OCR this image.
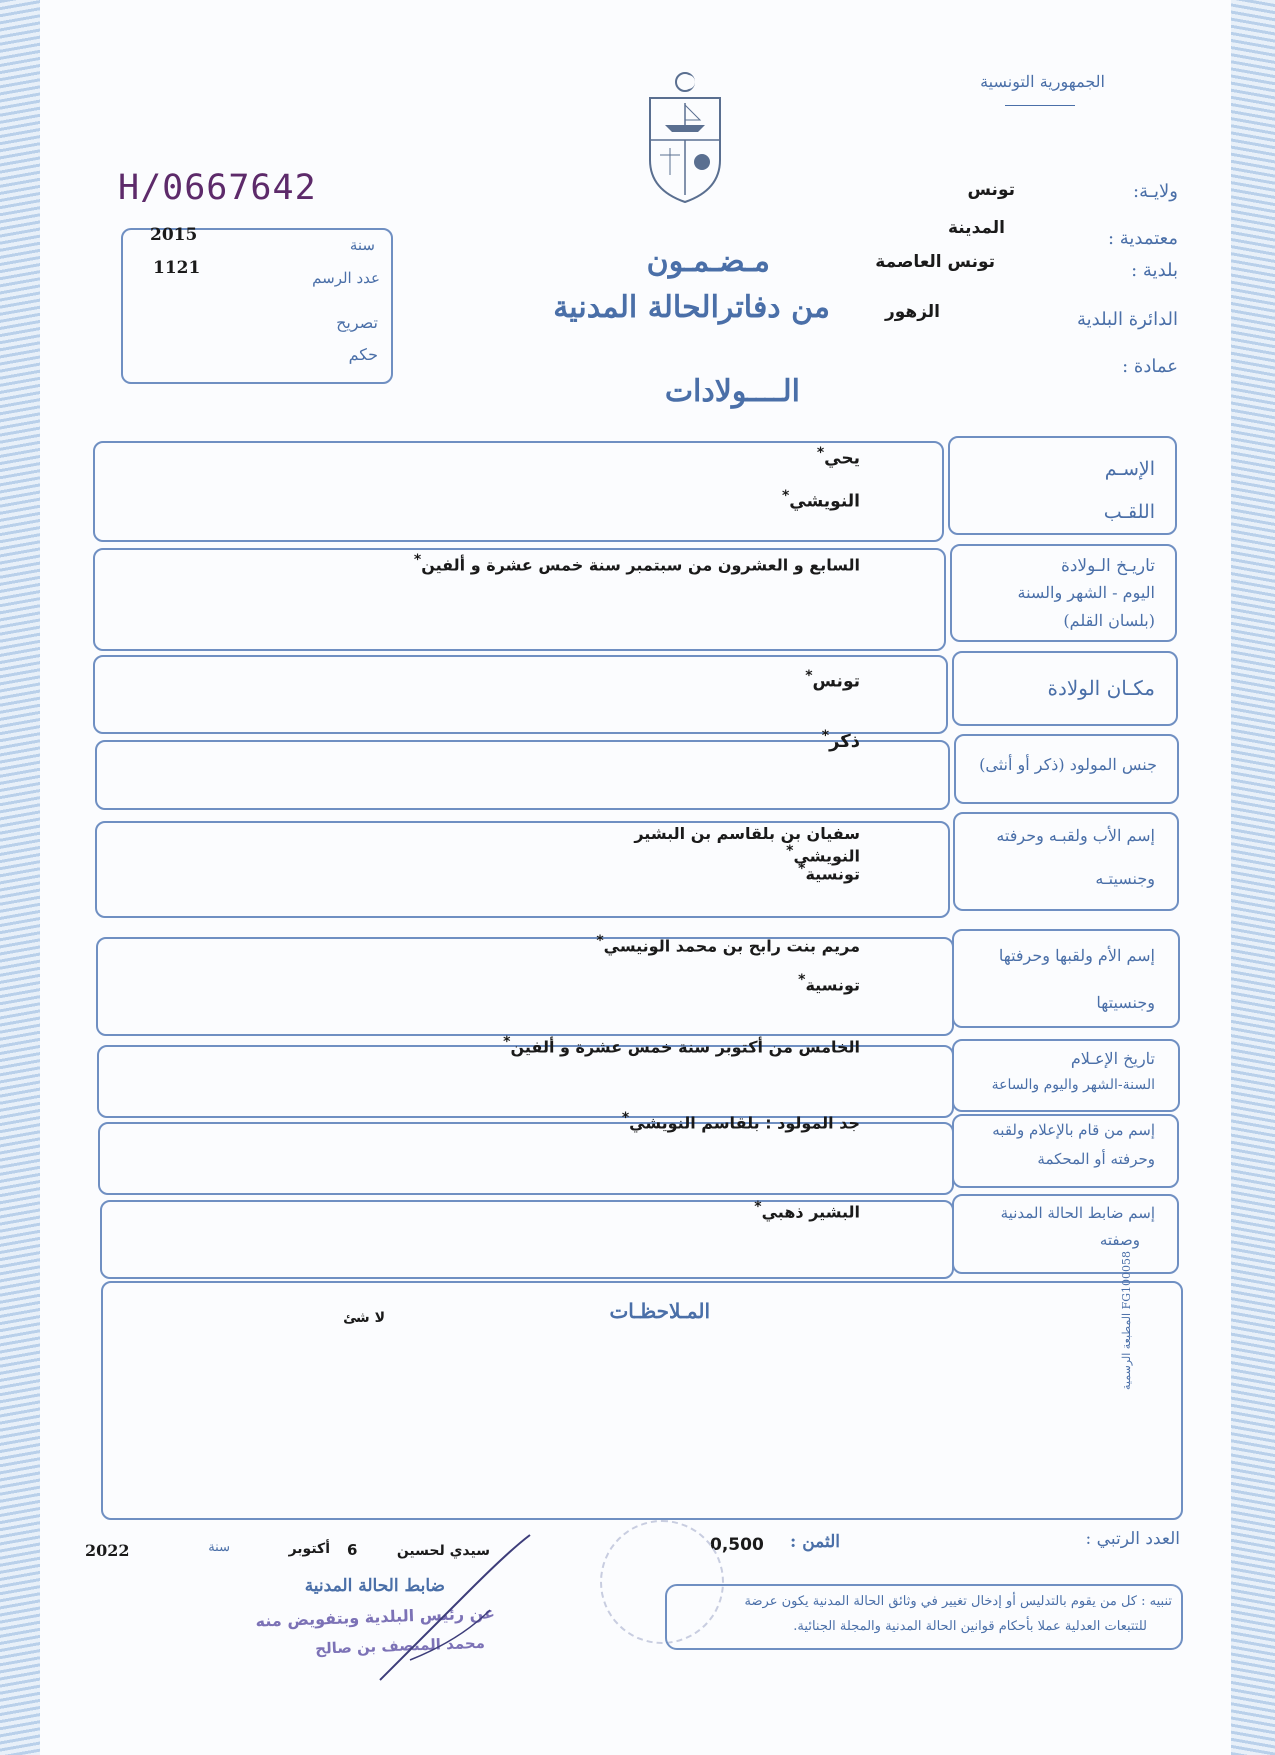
الجمهورية التونسية
H/0667642
2015
1121
سنة
عدد الرسم
تصريح
حكم
ولايـة:
تونس
معتمدية :
المدينة
بلدية :
تونس العاصمة
الدائرة البلدية
الزهور
عمادة :
مـضـمـون
من دفاترالحالة المدنية
الــــولادات
الإسـم
اللقـب
يحي *
النويشي *
تاريـخ الـولادة
اليوم - الشهر والسنة
(بلسان القلم)
السابع و العشرون من سبتمبر سنة خمس عشرة و ألفين *
مكـان الولادة
تونس *
جنس المولود (ذكر أو أنثى)
ذكر *
إسم الأب ولقبـه وحرفته
وجنسيتـه
سفيان بن بلقاسم بن البشير النويشي *
تونسية *
إسم الأم ولقبها وحرفتها
وجنسيتها
مريم بنت رابح بن محمد الونيسي *
تونسية *
تاريخ الإعـلام
السنة-الشهر واليوم والساعة
الخامس من أكتوبر سنة خمس عشرة و ألفين *
إسم من قام بالإعلام ولقبه
وحرفته أو المحكمة
جد المولود : بلقاسم النويشي *
إسم ضابط الحالة المدنية
وصفته
البشير ذهبي *
المـلاحظـات
لا شئ	المطبعة الرسمية FG100058
العدد الرتبي :
الثمن :
0,500
2022	سنة	أكتوبر 6	سيدي لحسين
ضابط الحالة المدنية
عن رئيس البلدية وبتفويض منه
محمد المنصف بن صالح
تنبيه : كل من يقوم بالتدليس أو إدخال تغيير في وثائق الحالة المدنية يكون عرضة
للتتبعات العدلية عملا بأحكام قوانين الحالة المدنية والمجلة الجنائية.
